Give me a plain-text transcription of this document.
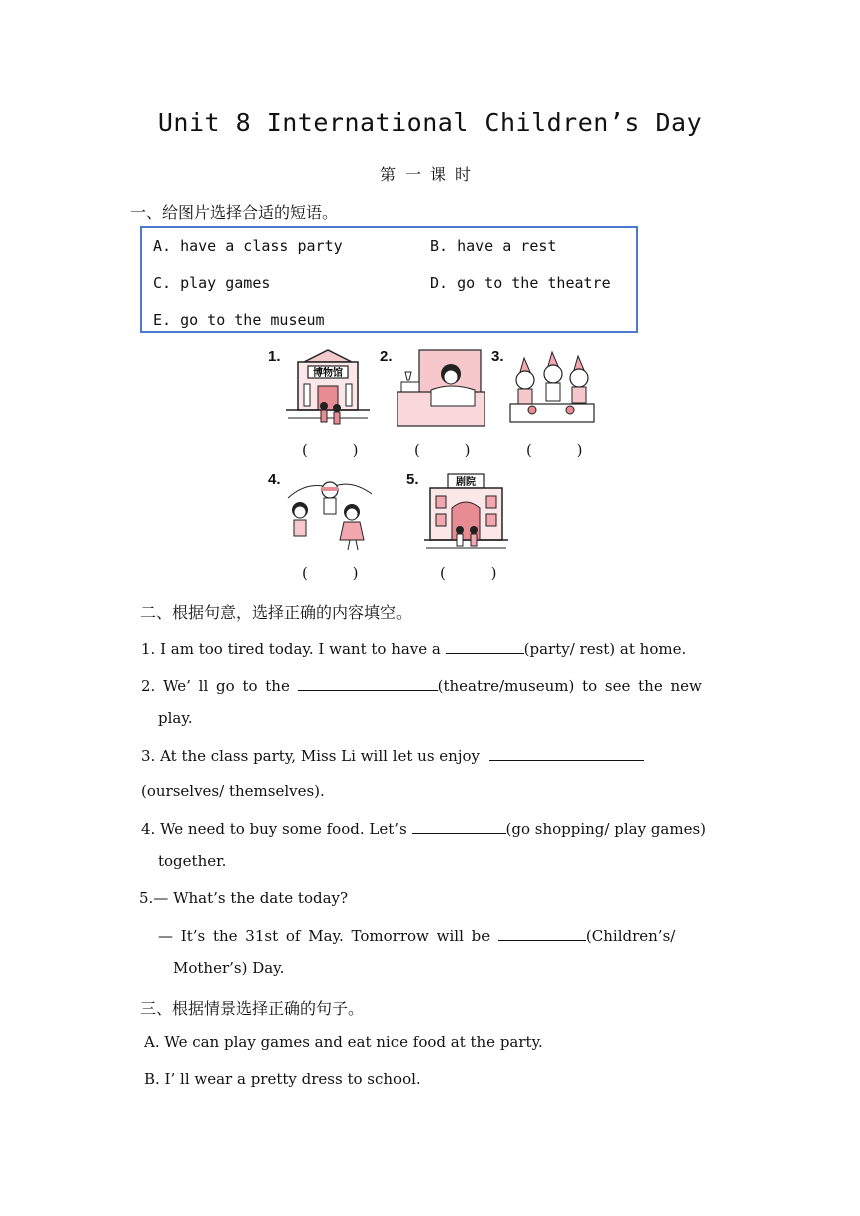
Unit 8 International Children’s Day
第一课时
一、给图片选择合适的短语。
A. have a class party	B. have a rest
C. play games	D. go to the theatre
E. go to the museum
1.
博物馆
( )
2.
( )
3.
( )
4.
( )
5.	剧院
( )
二、根据句意，选择正确的内容填空。
1. I am too tired today. I want to have a	(party/ rest) at home.
2. We’ ll go to the	(theatre/museum) to see the new
play.
3. At the class party, Miss Li will let us enjoy
(ourselves/ themselves).
4. We need to buy some food. Let’s	(go shopping/ play games)
together.
5.— What’s the date today?
— It’s the 31st of May. Tomorrow will be	(Children’s/
Mother’s) Day.
三、根据情景选择正确的句子。
A. We can play games and eat nice food at the party.
B. I’ ll wear a pretty dress to school.
